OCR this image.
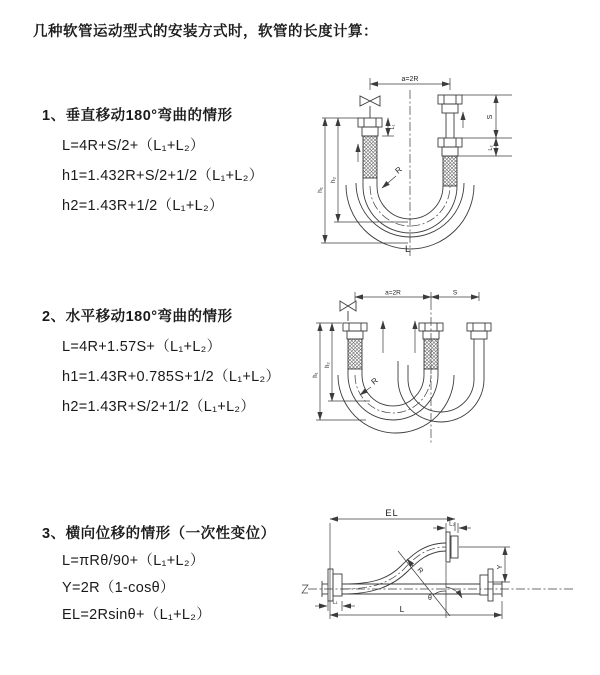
几种软管运动型式的安装方式时，软管的长度计算：
1、垂直移动180°弯曲的情形
L=4R+S/2+（L₁+L₂）
h1=1.432R+S/2+1/2（L₁+L₂）
h2=1.43R+1/2（L₁+L₂）
2、水平移动180°弯曲的情形
L=4R+1.57S+（L₁+L₂）
h1=1.43R+0.785S+1/2（L₁+L₂）
h2=1.43R+S/2+1/2（L₁+L₂）
3、横向位移的情形（一次性变位）
L=πRθ/90+（L₁+L₂）
Y=2R（1-cosθ）
EL=2Rsinθ+（L₁+L₂）
R
a=2R
h₁
h₂
L₁
S
L₂
L
R
a=2R	S
h₁
h₂
θ
R
EL
L₂
Y
L
L₁
